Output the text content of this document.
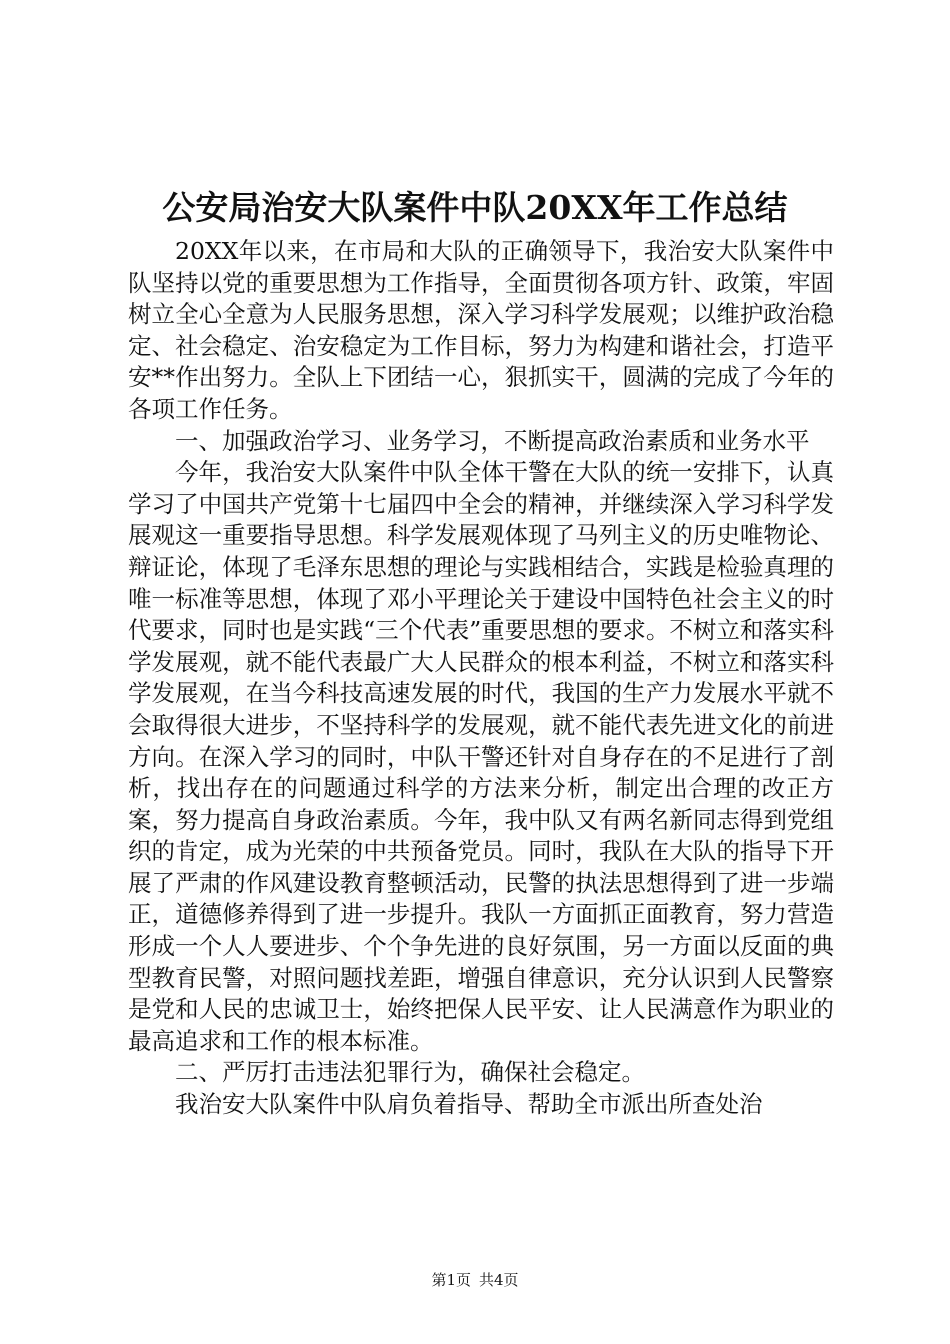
公安局治安大队案件中队20XX年工作总结

20XX年以来，在市局和大队的正确领导下，我治安大队案件中队坚持以党的重要思想为工作指导，全面贯彻各项方针、政策，牢固树立全心全意为人民服务思想，深入学习科学发展观；以维护政治稳定、社会稳定、治安稳定为工作目标，努力为构建和谐社会，打造平安**作出努力。全队上下团结一心，狠抓实干，圆满的完成了今年的各项工作任务。

一、加强政治学习、业务学习，不断提高政治素质和业务水平

今年，我治安大队案件中队全体干警在大队的统一安排下，认真学习了中国共产党第十七届四中全会的精神，并继续深入学习科学发展观这一重要指导思想。科学发展观体现了马列主义的历史唯物论、辩证论，体现了毛泽东思想的理论与实践相结合，实践是检验真理的唯一标准等思想，体现了邓小平理论关于建设中国特色社会主义的时代要求，同时也是实践“三个代表”重要思想的要求。不树立和落实科学发展观，就不能代表最广大人民群众的根本利益，不树立和落实科学发展观，在当今科技高速发展的时代，我国的生产力发展水平就不会取得很大进步，不坚持科学的发展观，就不能代表先进文化的前进方向。在深入学习的同时，中队干警还针对自身存在的不足进行了剖析，找出存在的问题通过科学的方法来分析，制定出合理的改正方案，努力提高自身政治素质。今年，我中队又有两名新同志得到党组织的肯定，成为光荣的中共预备党员。同时，我队在大队的指导下开展了严肃的作风建设教育整顿活动，民警的执法思想得到了进一步端正，道德修养得到了进一步提升。我队一方面抓正面教育，努力营造形成一个人人要进步、个个争先进的良好氛围，另一方面以反面的典型教育民警，对照问题找差距，增强自律意识，充分认识到人民警察是党和人民的忠诚卫士，始终把保人民平安、让人民满意作为职业的最高追求和工作的根本标准。

二、严厉打击违法犯罪行为，确保社会稳定。

我治安大队案件中队肩负着指导、帮助全市派出所查处治

第1页 共4页
